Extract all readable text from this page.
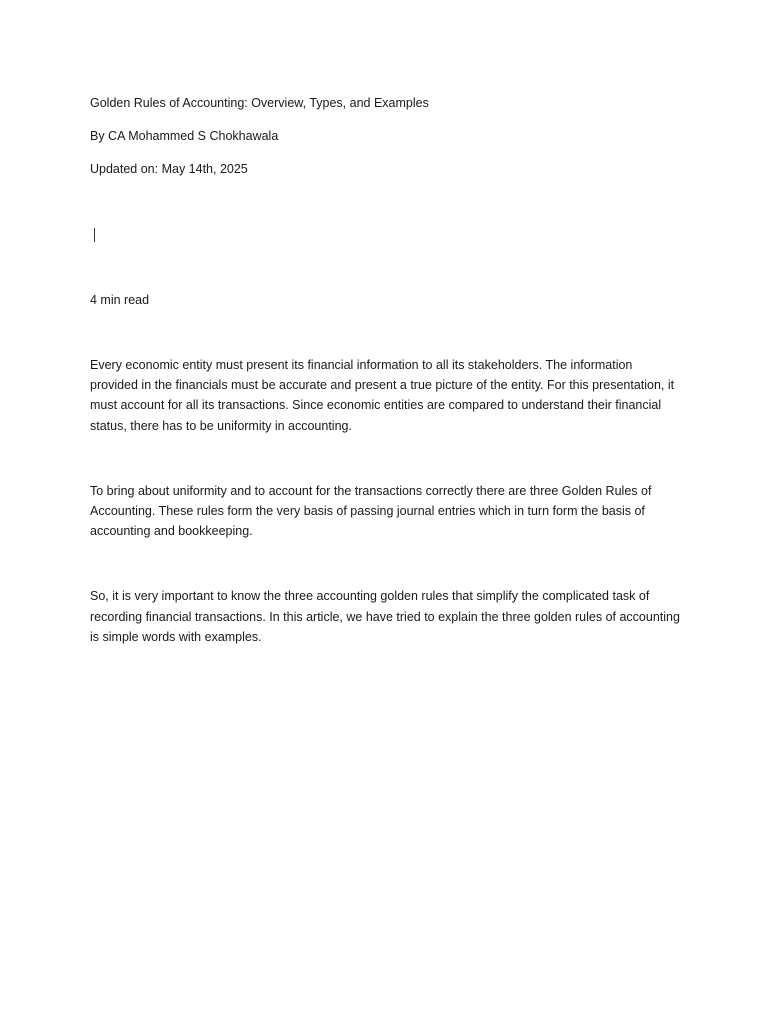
Golden Rules of Accounting: Overview, Types, and Examples

By CA Mohammed S Chokhawala

Updated on: May 14th, 2025

4 min read

Every economic entity must present its financial information to all its stakeholders. The information provided in the financials must be accurate and present a true picture of the entity. For this presentation, it must account for all its transactions. Since economic entities are compared to understand their financial status, there has to be uniformity in accounting.

To bring about uniformity and to account for the transactions correctly there are three Golden Rules of Accounting. These rules form the very basis of passing journal entries which in turn form the basis of accounting and bookkeeping.

So, it is very important to know the three accounting golden rules that simplify the complicated task of recording financial transactions. In this article, we have tried to explain the three golden rules of accounting is simple words with examples.
